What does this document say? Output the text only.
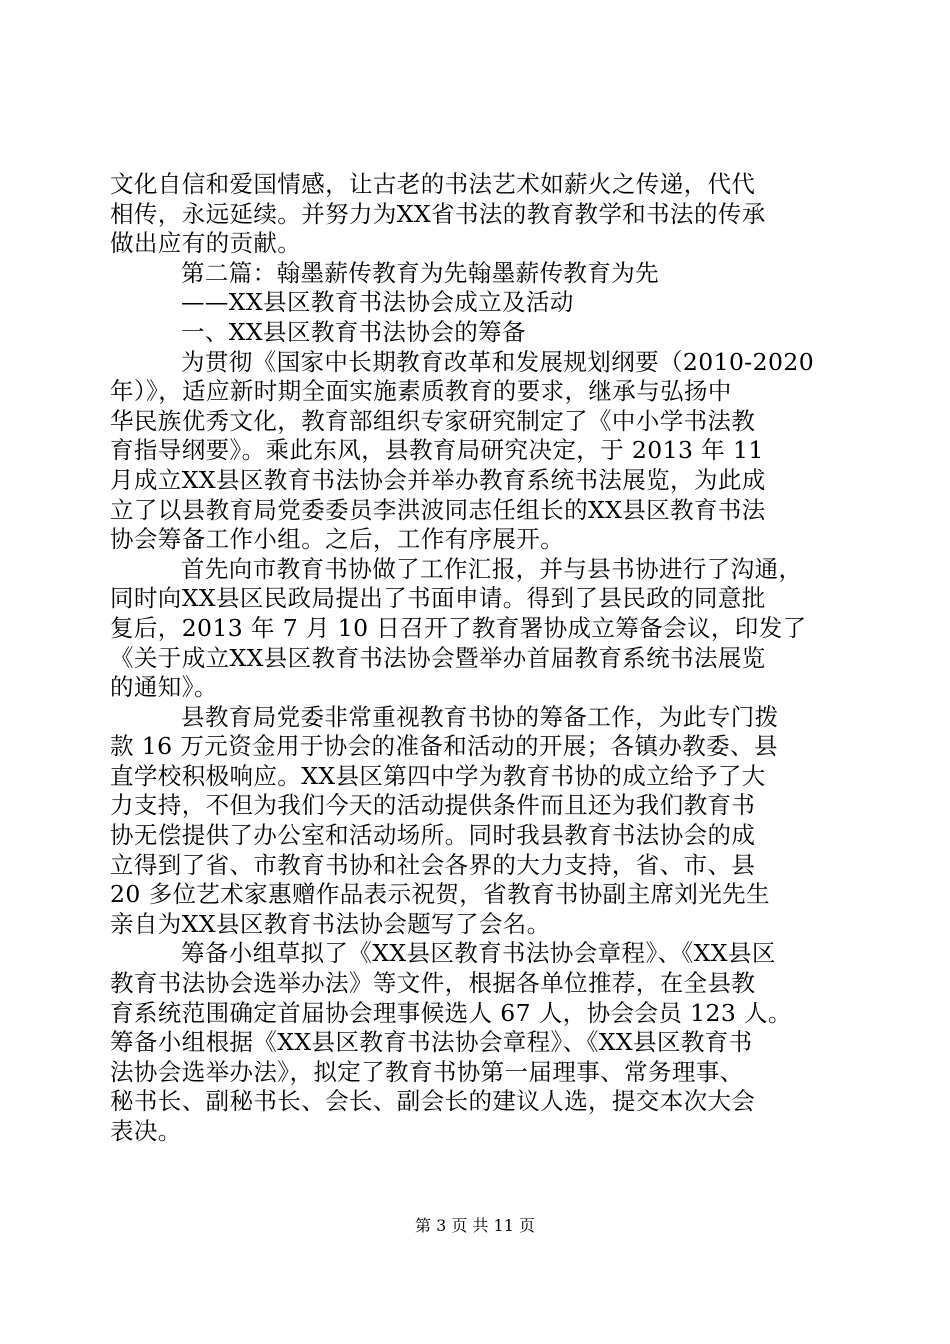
文化自信和爱国情感，让古老的书法艺术如薪火之传递，代代
相传，永远延续。并努力为XX省书法的教育教学和书法的传承
做出应有的贡献。
第二篇：翰墨薪传教育为先翰墨薪传教育为先
——XX县区教育书法协会成立及活动
一、XX县区教育书法协会的筹备
为贯彻《国家中长期教育改革和发展规划纲要（2010-2020
年）》，适应新时期全面实施素质教育的要求，继承与弘扬中
华民族优秀文化，教育部组织专家研究制定了《中小学书法教
育指导纲要》。乘此东风，县教育局研究决定，于 2013 年 11
月成立XX县区教育书法协会并举办教育系统书法展览，为此成
立了以县教育局党委委员李洪波同志任组长的XX县区教育书法
协会筹备工作小组。之后，工作有序展开。
首先向市教育书协做了工作汇报，并与县书协进行了沟通，
同时向XX县区民政局提出了书面申请。得到了县民政的同意批
复后，2013 年 7 月 10 日召开了教育署协成立筹备会议，印发了
《关于成立XX县区教育书法协会暨举办首届教育系统书法展览
的通知》。
县教育局党委非常重视教育书协的筹备工作，为此专门拨
款 16 万元资金用于协会的准备和活动的开展；各镇办教委、县
直学校积极响应。XX县区第四中学为教育书协的成立给予了大
力支持，不但为我们今天的活动提供条件而且还为我们教育书
协无偿提供了办公室和活动场所。同时我县教育书法协会的成
立得到了省、市教育书协和社会各界的大力支持，省、市、县
20 多位艺术家惠赠作品表示祝贺，省教育书协副主席刘光先生
亲自为XX县区教育书法协会题写了会名。
筹备小组草拟了《XX县区教育书法协会章程》、《XX县区
教育书法协会选举办法》等文件，根据各单位推荐，在全县教
育系统范围确定首届协会理事候选人 67 人，协会会员 123 人。
筹备小组根据《XX县区教育书法协会章程》、《XX县区教育书
法协会选举办法》，拟定了教育书协第一届理事、常务理事、
秘书长、副秘书长、会长、副会长的建议人选，提交本次大会
表决。
第 3 页 共 11 页
